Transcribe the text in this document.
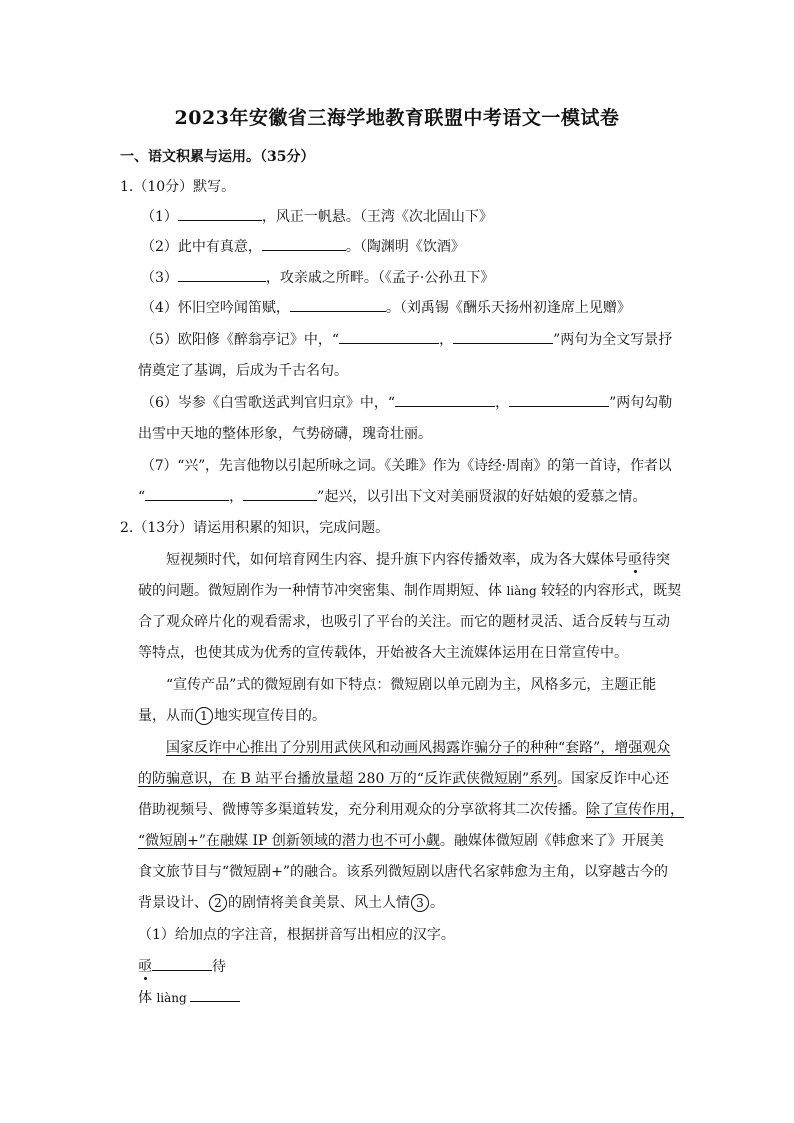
2023年安徽省三海学地教育联盟中考语文一模试卷
一、语文积累与运用。（35分）
1.（10分）默写。
（1）	，风正一帆悬。（王湾《次北固山下》
（2）此中有真意，	。（陶渊明《饮酒》
（3）	，攻亲戚之所畔。（《孟子·公孙丑下》
（4）怀旧空吟闻笛赋，	。（刘禹锡《酬乐天扬州初逢席上见赠》
（5）欧阳修《醉翁亭记》中，“	，	”两句为全文写景抒
情奠定了基调，后成为千古名句。
（6）岑参《白雪歌送武判官归京》中，“	，	”两句勾勒
出雪中天地的整体形象，气势磅礴，瑰奇壮丽。
（7）“兴”，先言他物以引起所咏之词。《关雎》作为《诗经·周南》的第一首诗，作者以
“	，	”起兴，以引出下文对美丽贤淑的好姑娘的爱慕之情。
2.（13分）请运用积累的知识，完成问题。
短视频时代，如何培育网生内容、提升旗下内容传播效率，成为各大媒体号亟待突
破的问题。微短剧作为一种情节冲突密集、制作周期短、体 liàng 较轻的内容形式，既契
合了观众碎片化的观看需求，也吸引了平台的关注。而它的题材灵活、适合反转与互动
等特点，也使其成为优秀的宣传载体，开始被各大主流媒体运用在日常宣传中。
“宣传产品”式的微短剧有如下特点：微短剧以单元剧为主，风格多元，主题正能
量，从而 1 地实现宣传目的。
国家反诈中心推出了分别用武侠风和动画风揭露诈骗分子的种种“套路”，增强观众
的防骗意识，在 B 站平台播放量超 280 万的“反诈武侠微短剧”系列。国家反诈中心还
借助视频号、微博等多渠道转发，充分利用观众的分享欲将其二次传播。除了宣传作用，
“微短剧+”在融媒 IP 创新领域的潜力也不可小觑。融媒体微短剧《韩愈来了》开展美
食文旅节目与“微短剧+”的融合。该系列微短剧以唐代名家韩愈为主角，以穿越古今的
背景设计、 2 的剧情将美食美景、风土人情 3 。
（1）给加点的字注音，根据拼音写出相应的汉字。
亟	待
体 liàng
